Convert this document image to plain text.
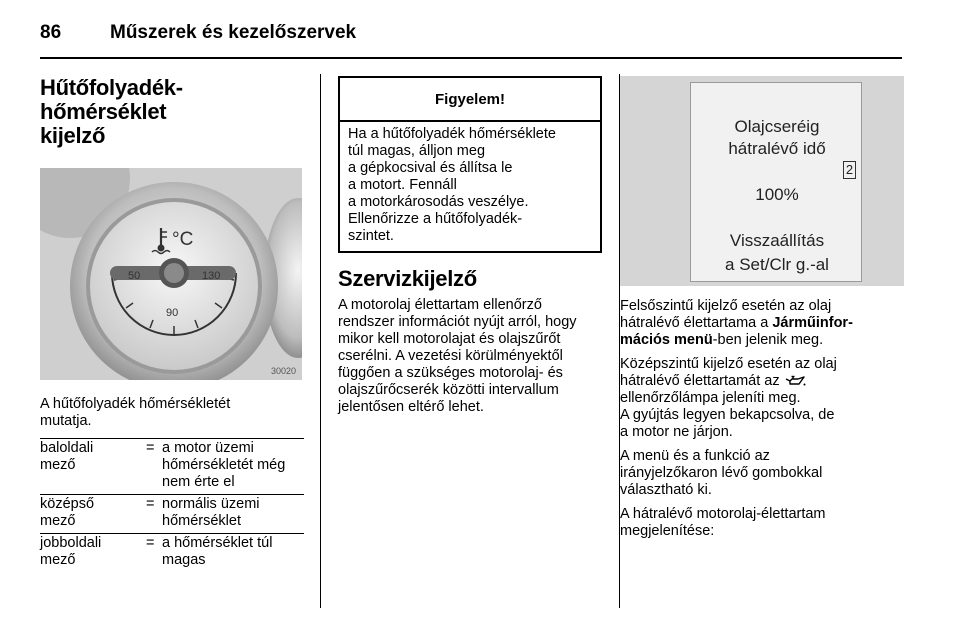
86	Műszerek és kezelőszervek
Hűtőfolyadék-hőmérséklet
kijelző
°C
50	130
90
30020

A hűtőfolyadék hőmérsékletét
mutatja.

baloldali
mező
= a motor üzemi
hőmérsékletét még
nem érte el
középső
mező
= normális üzemi
hőmérséklet
jobboldali
mező
= a hőmérséklet túl
magas
Figyelem!
Ha a hűtőfolyadék hőmérséklete
túl magas, álljon meg
a gépkocsival és állítsa le
a motort. Fennáll
a motorkárosodás veszélye.
Ellenőrizze a hűtőfolyadék-
szintet.
Szervizkijelző

A motorolaj élettartam ellenőrző
rendszer információt nyújt arról, hogy
mikor kell motorolajat és olajszűrőt
cserélni. A vezetési körülményektől
függően a szükséges motorolaj- és
olajszűrőcserék közötti intervallum
jelentősen eltérő lehet.

Olajcseréig
hátralévő idő
2
100%
Visszaállítás
a Set/Clr g.-al

Felsőszintű kijelző esetén az olaj
hátralévő élettartama a Járműinfor-
mációs menü-ben jelenik meg.

Középszintű kijelző esetén az olaj
hátralévő élettartamát az
ellenőrzőlámpa jeleníti meg.
A gyújtás legyen bekapcsolva, de
a motor ne járjon.

A menü és a funkció az
irányjelzőkaron lévő gombokkal
választható ki.

A hátralévő motorolaj-élettartam
megjelenítése:
